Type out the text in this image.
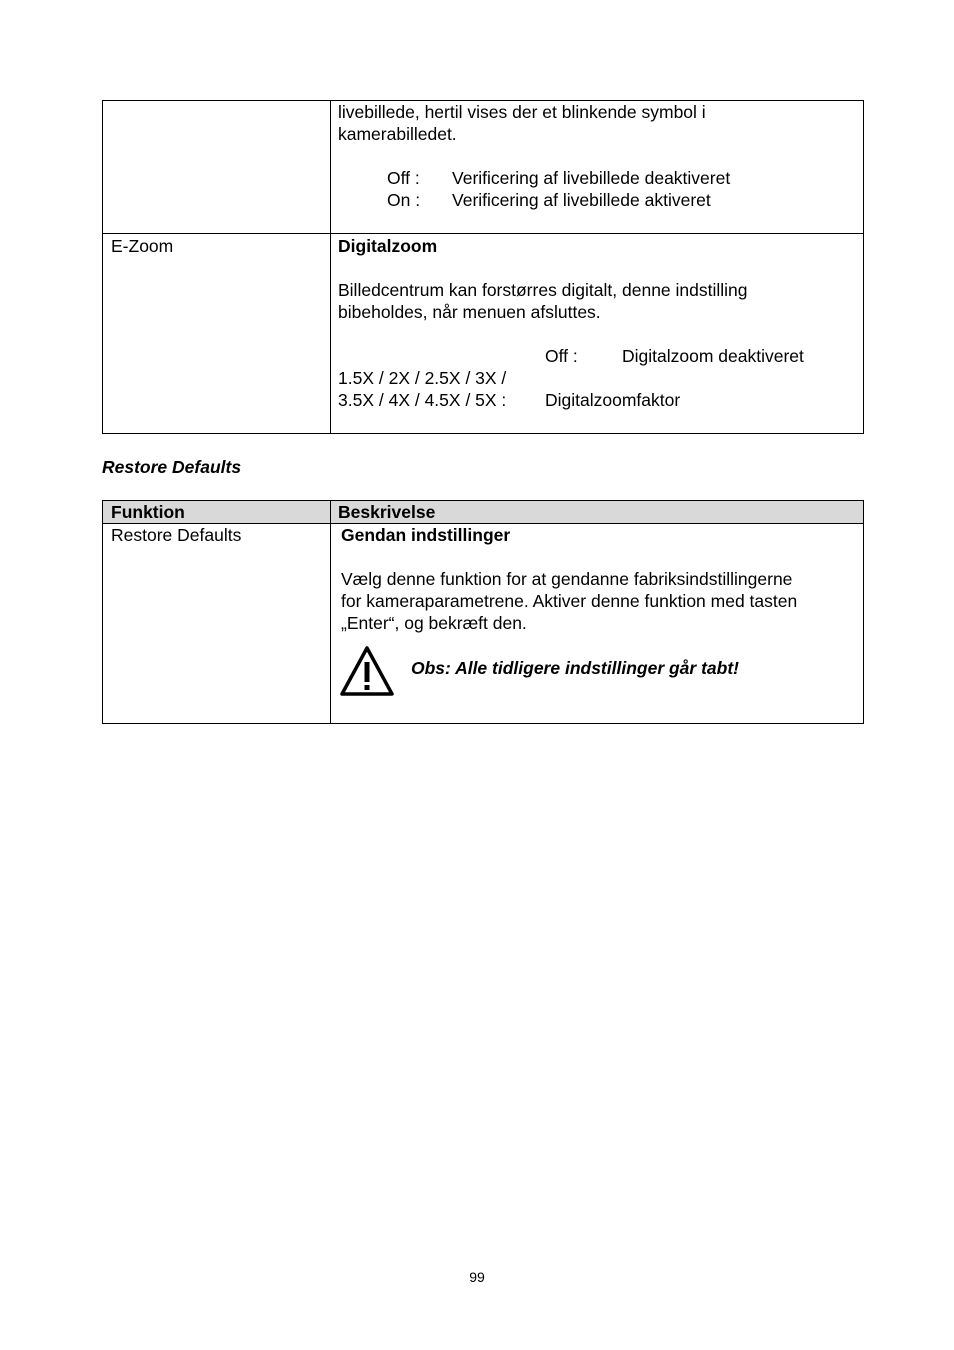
livebillede, hertil vises der et blinkende symbol i
kamerabilledet.
Off : Verificering af livebillede deaktiveret
On : Verificering af livebillede aktiveret
E-Zoom	Digitalzoom
Billedcentrum kan forstørres digitalt, denne indstilling
bibeholdes, når menuen afsluttes.
Off :	Digitalzoom deaktiveret
1.5X / 2X / 2.5X / 3X /
3.5X / 4X / 4.5X / 5X : Digitalzoomfaktor
Restore Defaults
Funktion	Beskrivelse
Restore Defaults	Gendan indstillinger
Vælg denne funktion for at gendanne fabriksindstillingerne
for kameraparametrene. Aktiver denne funktion med tasten
„Enter“, og bekræft den.
Obs: Alle tidligere indstillinger går tabt!
99
